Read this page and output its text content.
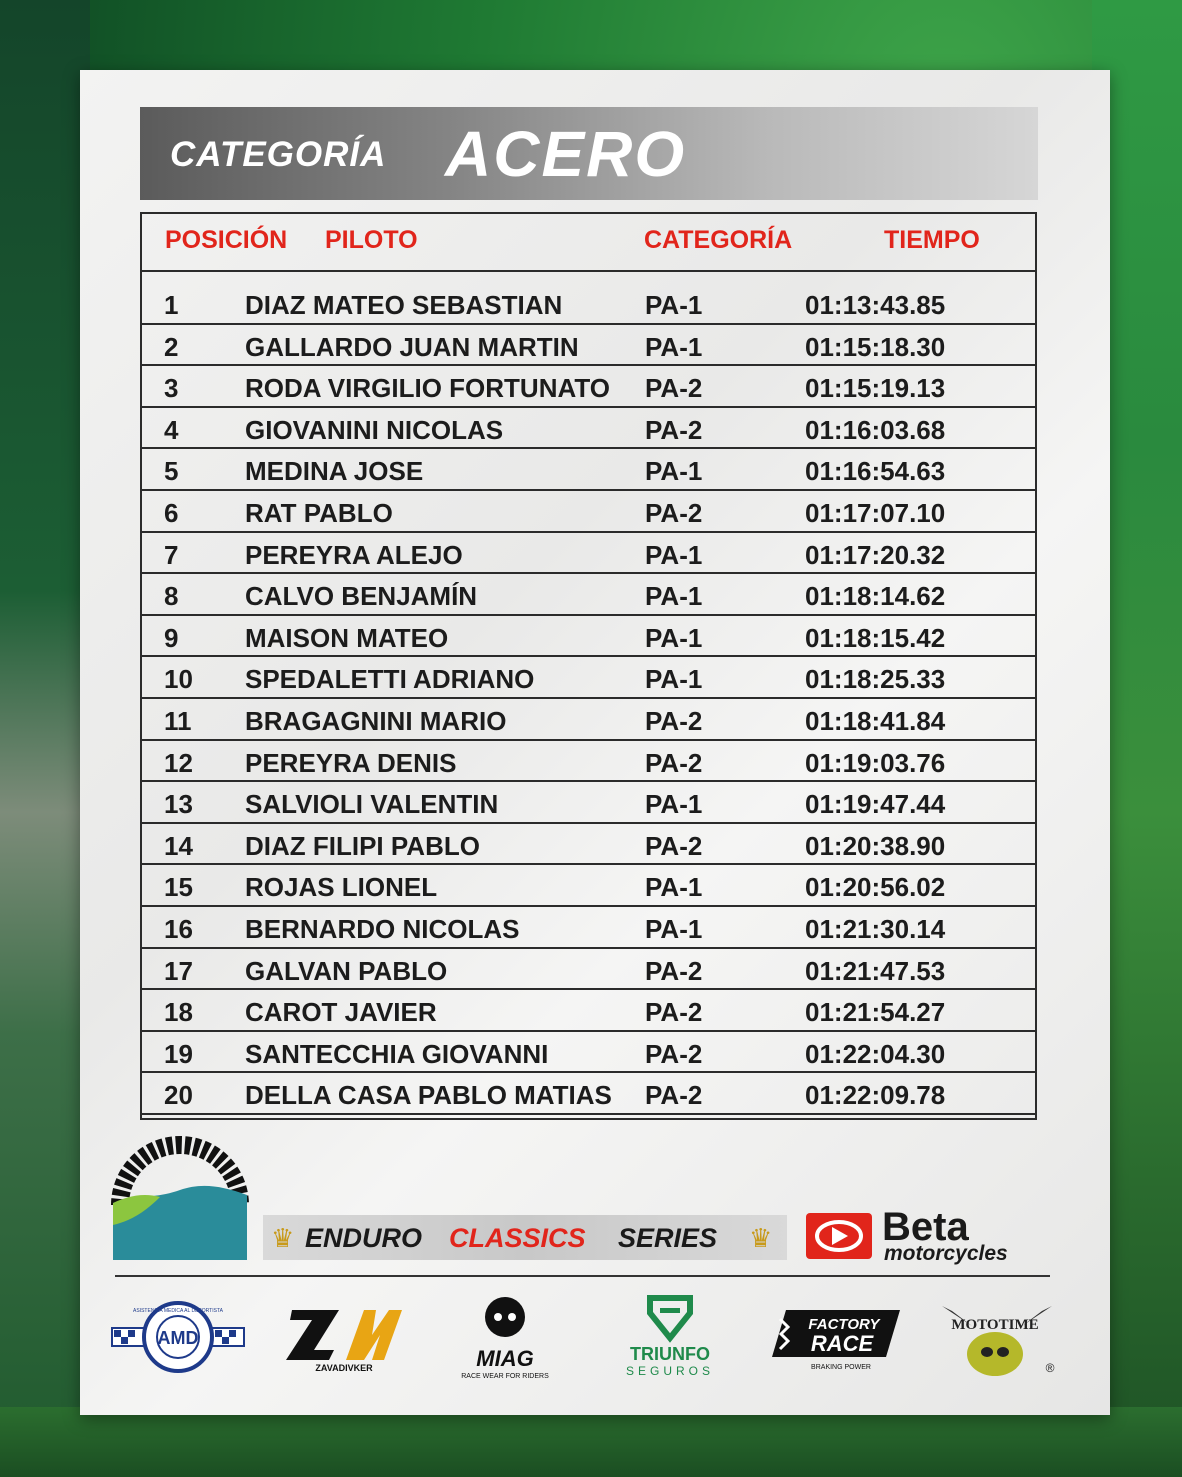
CATEGORÍA ACERO
POSICIÓN PILOTO	CATEGORÍA	TIEMPO
1	DIAZ MATEO SEBASTIAN	PA-1	01:13:43.85
2	GALLARDO JUAN MARTIN	PA-1	01:15:18.30
3	RODA VIRGILIO FORTUNATO PA-2	01:15:19.13
4	GIOVANINI NICOLAS	PA-2	01:16:03.68
5	MEDINA JOSE	PA-1	01:16:54.63
6	RAT PABLO	PA-2	01:17:07.10
7	PEREYRA ALEJO	PA-1	01:17:20.32
8	CALVO BENJAMÍN	PA-1	01:18:14.62
9	MAISON MATEO	PA-1	01:18:15.42
10 SPEDALETTI ADRIANO	PA-1	01:18:25.33
11 BRAGAGNINI MARIO	PA-2	01:18:41.84
12 PEREYRA DENIS	PA-2	01:19:03.76
13 SALVIOLI VALENTIN	PA-1	01:19:47.44
14 DIAZ FILIPI PABLO	PA-2	01:20:38.90
15 ROJAS LIONEL	PA-1	01:20:56.02
16 BERNARDO NICOLAS	PA-1	01:21:30.14
17 GALVAN PABLO	PA-2	01:21:47.53
18 CAROT JAVIER	PA-2	01:21:54.27
19 SANTECCHIA GIOVANNI	PA-2	01:22:04.30
20 DELLA CASA PABLO MATIAS PA-2	01:22:09.78
♛ ENDURO CLASSICS SERIES ♛	Beta
motorcycles
AMD
ASISTENCIA MEDICA AL DEPORTISTA
ZAVADIVKER	MIAG
RACE WEAR FOR RIDERS
TRIUNFO
SEGUROS
FACTORY
RACE
BRAKING POWER
MOTOTIME
®
